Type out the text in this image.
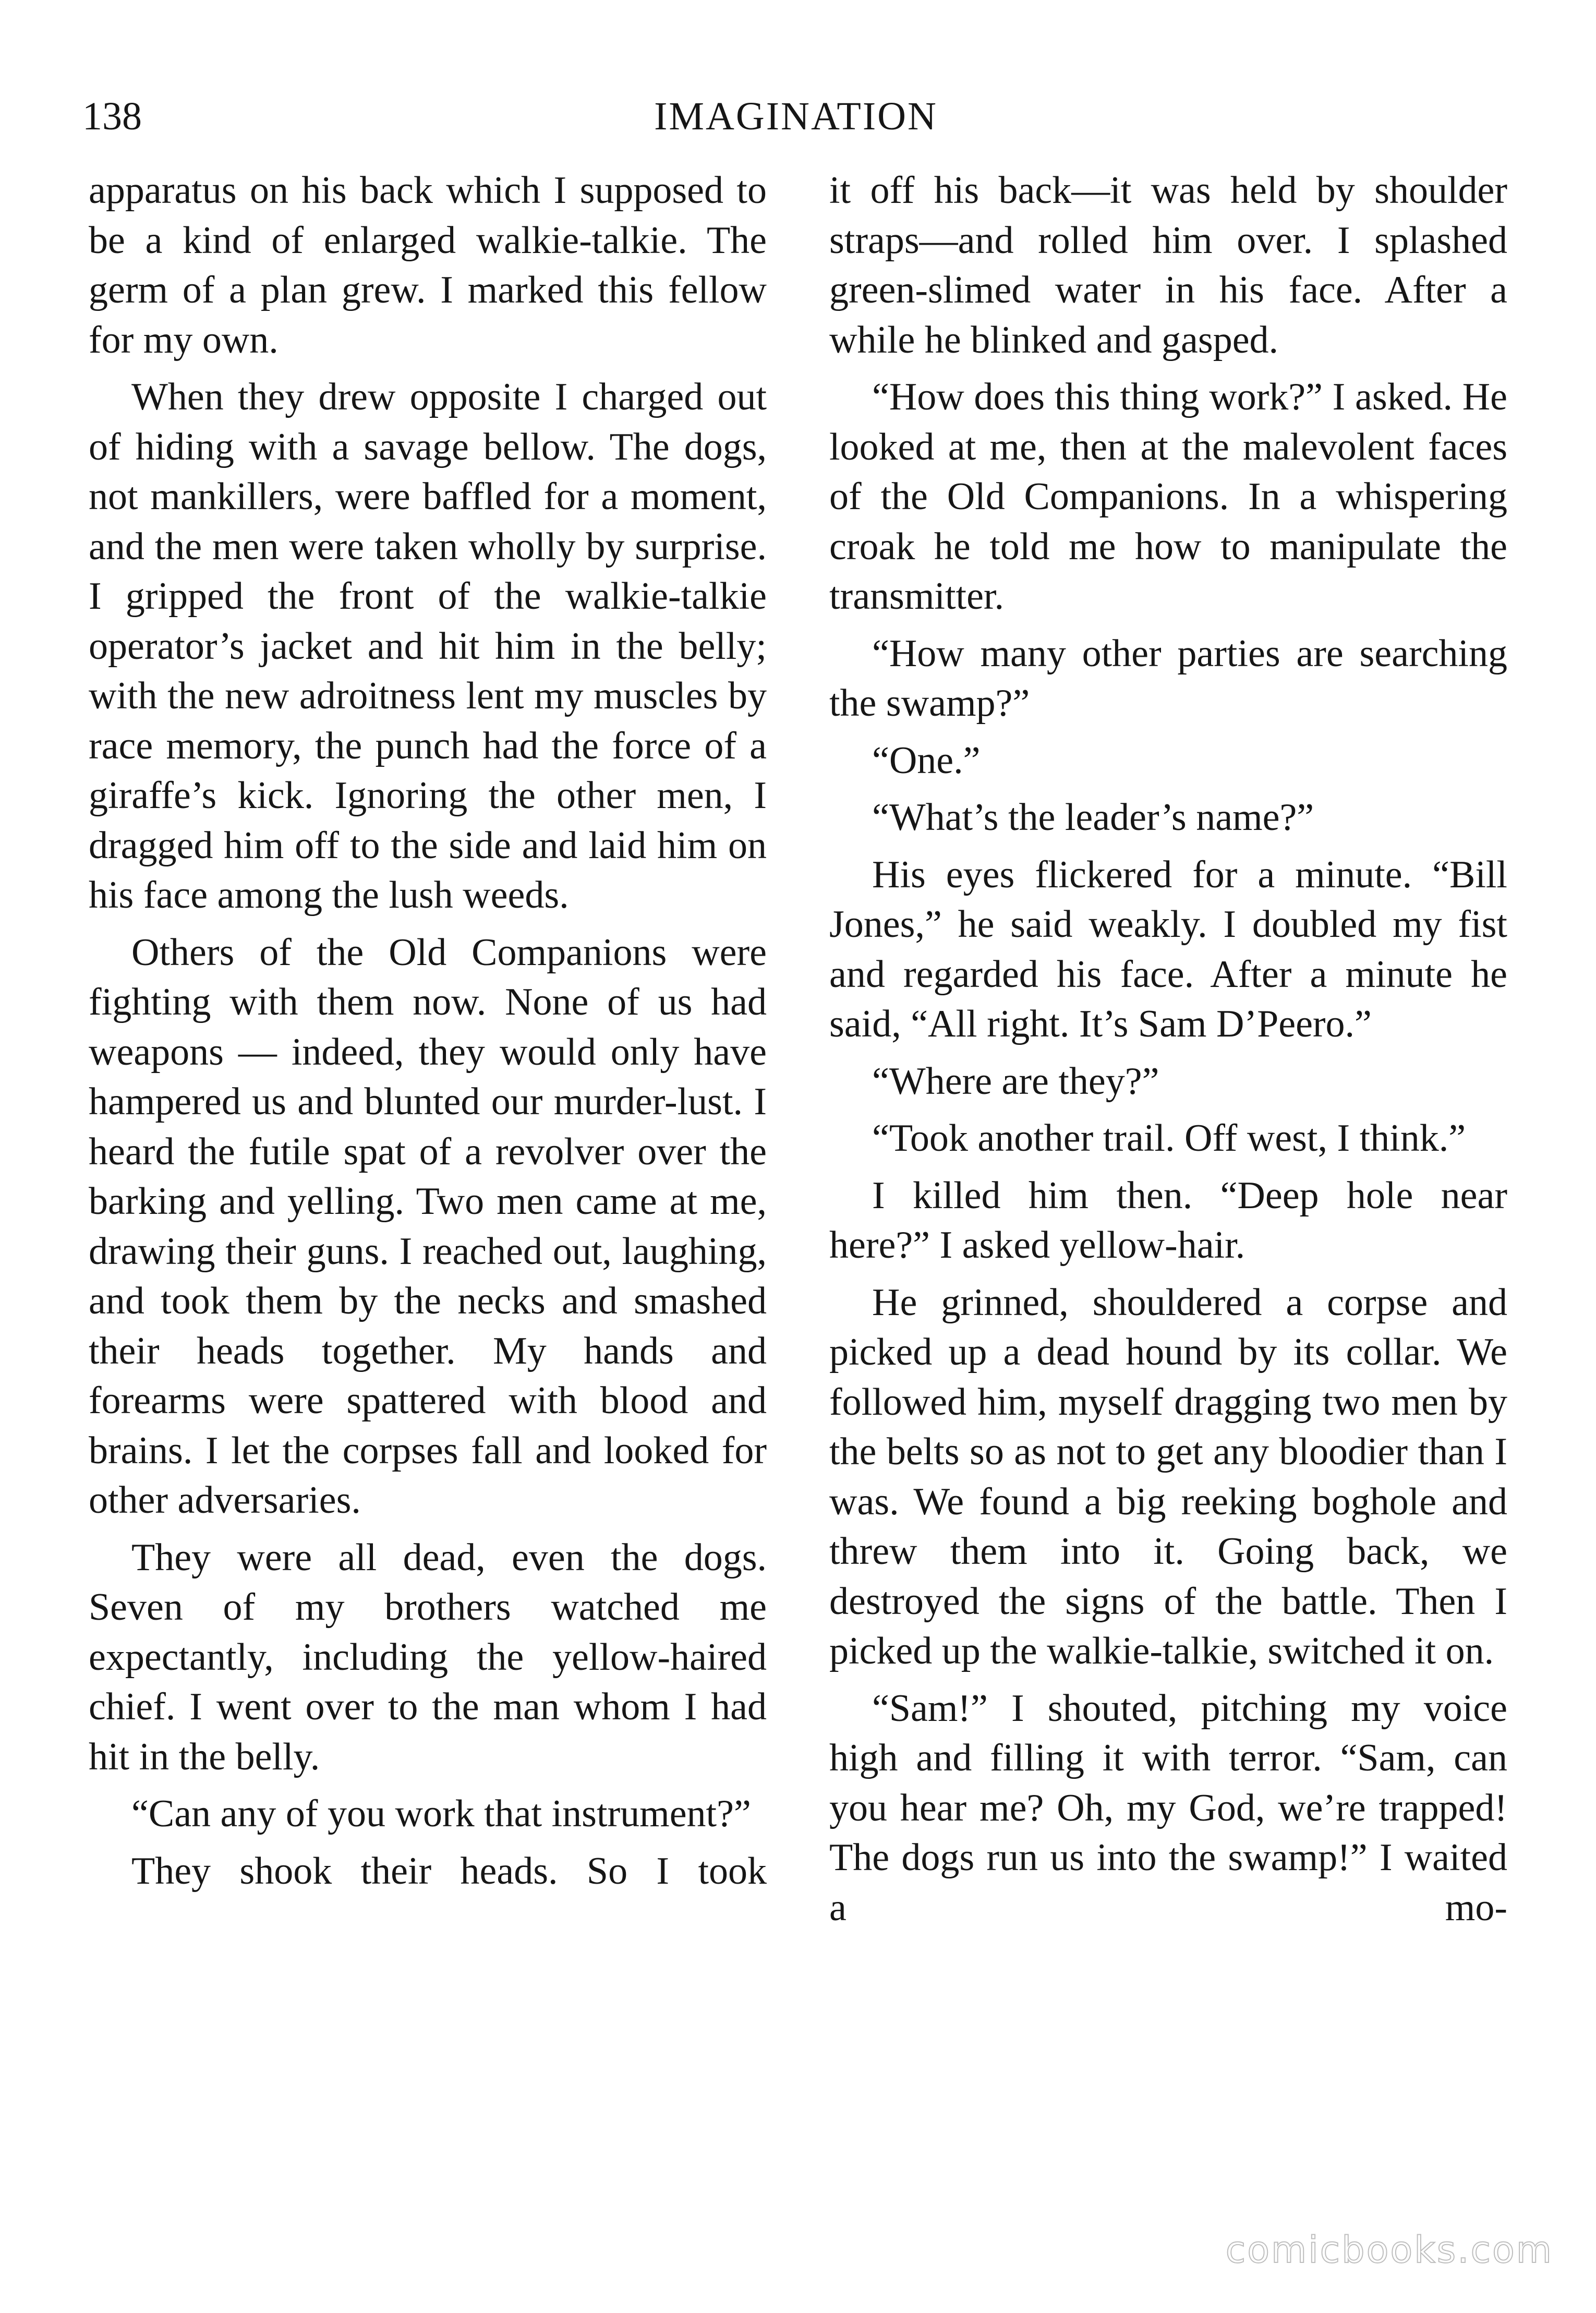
138	IMAGINATION

apparatus on his back which I supposed to be a kind of enlarged walkie-talkie. The germ of a plan grew. I marked this fellow for my own.

When they drew opposite I charged out of hiding with a savage bellow. The dogs, not mankillers, were baffled for a moment, and the men were taken wholly by surprise. I gripped the front of the walkie-talkie operator’s jacket and hit him in the belly; with the new adroitness lent my muscles by race memory, the punch had the force of a giraffe’s kick. Ignoring the other men, I dragged him off to the side and laid him on his face among the lush weeds.

Others of the Old Companions were fighting with them now. None of us had weapons — indeed, they would only have hampered us and blunted our murder-lust. I heard the futile spat of a revolver over the barking and yelling. Two men came at me, drawing their guns. I reached out, laughing, and took them by the necks and smashed their heads together. My hands and forearms were spattered with blood and brains. I let the corpses fall and looked for other adversaries.

They were all dead, even the dogs. Seven of my brothers watched me expectantly, including the yellow-haired chief. I went over to the man whom I had hit in the belly.

“Can any of you work that instrument?”

They shook their heads. So I took

it off his back—it was held by shoulder straps—and rolled him over. I splashed green-slimed water in his face. After a while he blinked and gasped.

“How does this thing work?” I asked. He looked at me, then at the malevolent faces of the Old Companions. In a whispering croak he told me how to manipulate the transmitter.

“How many other parties are searching the swamp?”

“One.”

“What’s the leader’s name?”

His eyes flickered for a minute. “Bill Jones,” he said weakly. I doubled my fist and regarded his face. After a minute he said, “All right. It’s Sam D’Peero.”

“Where are they?”

“Took another trail. Off west, I think.”

I killed him then. “Deep hole near here?” I asked yellow-hair.

He grinned, shouldered a corpse and picked up a dead hound by its collar. We followed him, myself dragging two men by the belts so as not to get any bloodier than I was. We found a big reeking boghole and threw them into it. Going back, we destroyed the signs of the battle. Then I picked up the walkie-talkie, switched it on.

“Sam!” I shouted, pitching my voice high and filling it with terror. “Sam, can you hear me? Oh, my God, we’re trapped! The dogs run us into the swamp!” I waited a mo-

comicbooks.com
